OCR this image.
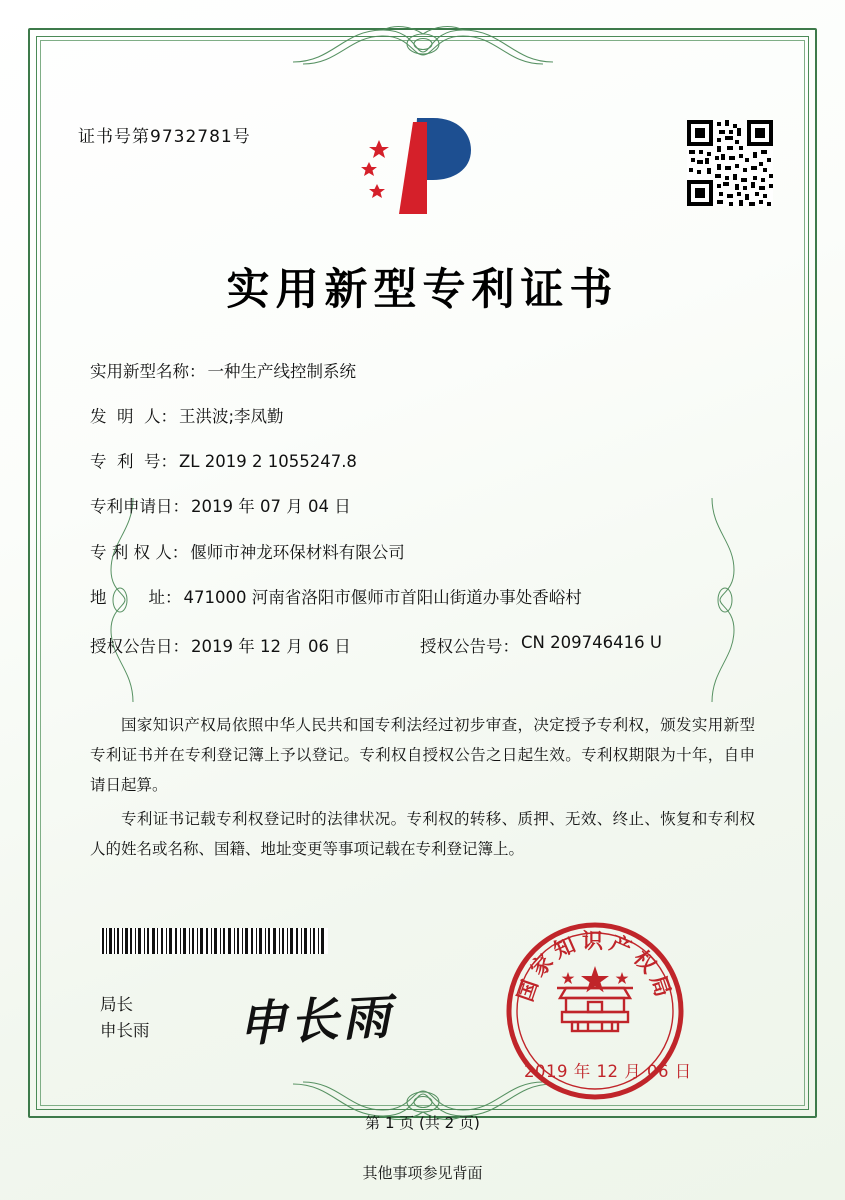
证书号第9732781号
实用新型专利证书
实用新型名称： 一种生产线控制系统
发  明  人： 王洪波;李凤勤
专  利  号： ZL 2019 2 1055247.8
专利申请日： 2019 年 07 月 04 日
专 利 权 人： 偃师市神龙环保材料有限公司
地        址： 471000 河南省洛阳市偃师市首阳山街道办事处香峪村
授权公告日： 2019 年 12 月 06 日	授权公告号： CN 209746416 U

国家知识产权局依照中华人民共和国专利法经过初步审查，决定授予专利权，颁发实用新型专利证书并在专利登记簿上予以登记。专利权自授权公告之日起生效。专利权期限为十年，自申请日起算。

专利证书记载专利权登记时的法律状况。专利权的转移、质押、无效、终止、恢复和专利权人的姓名或名称、国籍、地址变更等事项记载在专利登记簿上。

局长
申长雨 申长雨
国家知识产权局
2019 年 12 月 06 日
第 1 页 (共 2 页)
其他事项参见背面
